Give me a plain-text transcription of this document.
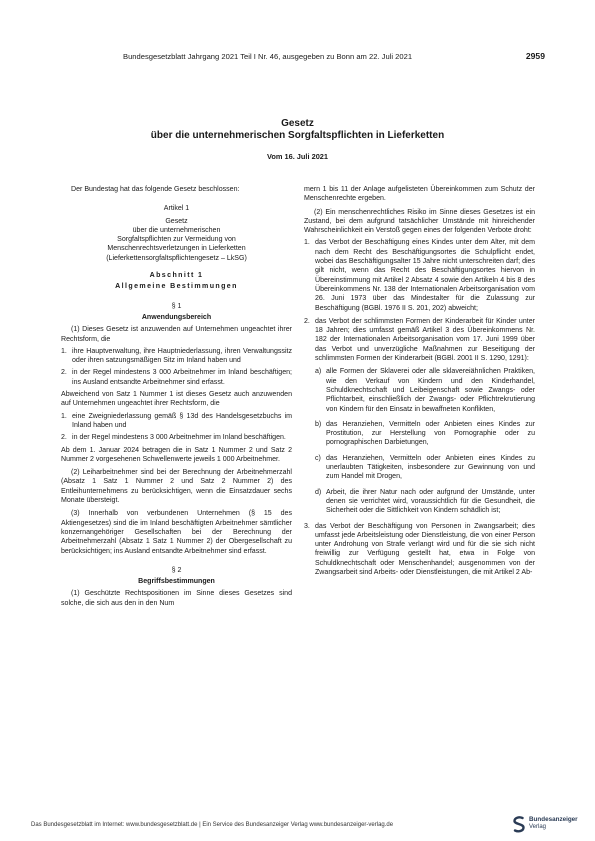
Bundesgesetzblatt Jahrgang 2021 Teil I Nr. 46, ausgegeben zu Bonn am 22. Juli 2021	2959
Gesetz
über die unternehmerischen Sorgfaltspflichten in Lieferketten
Vom 16. Juli 2021

Der Bundestag hat das folgende Gesetz beschlossen:

Artikel 1

Gesetz
über die unternehmerischen
Sorgfaltspflichten zur Vermeidung von
Menschenrechtsverletzungen in Lieferketten
(Lieferkettensorgfaltspflichtengesetz – LkSG)

Abschnitt 1

Allgemeine Bestimmungen

§ 1

Anwendungsbereich

(1) Dieses Gesetz ist anzuwenden auf Unternehmen ungeachtet ihrer Rechtsform, die

1. ihre Hauptverwaltung, ihre Hauptniederlassung, ihren Verwaltungssitz oder ihren satzungsmäßigen Sitz im Inland haben und
2. in der Regel mindestens 3 000 Arbeitnehmer im Inland beschäftigen; ins Ausland entsandte Arbeitnehmer sind erfasst.

Abweichend von Satz 1 Nummer 1 ist dieses Gesetz auch anzuwenden auf Unternehmen ungeachtet ihrer Rechtsform, die

1. eine Zweigniederlassung gemäß § 13d des Handelsgesetzbuchs im Inland haben und
2. in der Regel mindestens 3 000 Arbeitnehmer im Inland beschäftigen.

Ab dem 1. Januar 2024 betragen die in Satz 1 Nummer 2 und Satz 2 Nummer 2 vorgesehenen Schwellenwerte jeweils 1 000 Arbeitnehmer.

(2) Leiharbeitnehmer sind bei der Berechnung der Arbeitnehmerzahl (Absatz 1 Satz 1 Nummer 2 und Satz 2 Nummer 2) des Entleihunternehmens zu berücksichtigen, wenn die Einsatzdauer sechs Monate übersteigt.

(3) Innerhalb von verbundenen Unternehmen (§ 15 des Aktiengesetzes) sind die im Inland beschäftigten Arbeitnehmer sämtlicher konzernangehöriger Gesellschaften bei der Berechnung der Arbeitnehmerzahl (Absatz 1 Satz 1 Nummer 2) der Obergesellschaft zu berücksichtigen; ins Ausland entsandte Arbeitnehmer sind erfasst.

§ 2

Begriffsbestimmungen

(1) Geschützte Rechtspositionen im Sinne dieses Gesetzes sind solche, die sich aus den in den Num

mern 1 bis 11 der Anlage aufgelisteten Übereinkommen zum Schutz der Menschenrechte ergeben.

(2) Ein menschenrechtliches Risiko im Sinne dieses Gesetzes ist ein Zustand, bei dem aufgrund tatsächlicher Umstände mit hinreichender Wahrscheinlichkeit ein Verstoß gegen eines der folgenden Verbote droht:

1. das Verbot der Beschäftigung eines Kindes unter dem Alter, mit dem nach dem Recht des Beschäftigungsortes die Schulpflicht endet, wobei das Beschäftigungsalter 15 Jahre nicht unterschreiten darf; dies gilt nicht, wenn das Recht des Beschäftigungsortes hiervon in Übereinstimmung mit Artikel 2 Absatz 4 sowie den Artikeln 4 bis 8 des Übereinkommens Nr. 138 der Internationalen Arbeitsorganisation vom 26. Juni 1973 über das Mindestalter für die Zulassung zur Beschäftigung (BGBl. 1976 II S. 201, 202) abweicht;
2. das Verbot der schlimmsten Formen der Kinderarbeit für Kinder unter 18 Jahren; dies umfasst gemäß Artikel 3 des Übereinkommens Nr. 182 der Internationalen Arbeitsorganisation vom 17. Juni 1999 über das Verbot und unverzügliche Maßnahmen zur Beseitigung der schlimmsten Formen der Kinderarbeit (BGBl. 2001 II S. 1290, 1291):
a) alle Formen der Sklaverei oder alle sklavereiähnlichen Praktiken, wie den Verkauf von Kindern und den Kinderhandel, Schuldknechtschaft und Leibeigenschaft sowie Zwangs- oder Pflichtarbeit, einschließlich der Zwangs- oder Pflichtrekrutierung von Kindern für den Einsatz in bewaffneten Konflikten,
b) das Heranziehen, Vermitteln oder Anbieten eines Kindes zur Prostitution, zur Herstellung von Pornographie oder zu pornographischen Darbietungen,
c) das Heranziehen, Vermitteln oder Anbieten eines Kindes zu unerlaubten Tätigkeiten, insbesondere zur Gewinnung von und zum Handel mit Drogen,
d) Arbeit, die ihrer Natur nach oder aufgrund der Umstände, unter denen sie verrichtet wird, voraussichtlich für die Gesundheit, die Sicherheit oder die Sittlichkeit von Kindern schädlich ist;
3. das Verbot der Beschäftigung von Personen in Zwangsarbeit; dies umfasst jede Arbeitsleistung oder Dienstleistung, die von einer Person unter Androhung von Strafe verlangt wird und für die sie sich nicht freiwillig zur Verfügung gestellt hat, etwa in Folge von Schuldknechtschaft oder Menschenhandel; ausgenommen von der Zwangsarbeit sind Arbeits- oder Dienstleistungen, die mit Artikel 2 Ab-
Das Bundesgesetzblatt im Internet: www.bundesgesetzblatt.de | Ein Service des Bundesanzeiger Verlag www.bundesanzeiger-verlag.de
Bundesanzeiger
Verlag
